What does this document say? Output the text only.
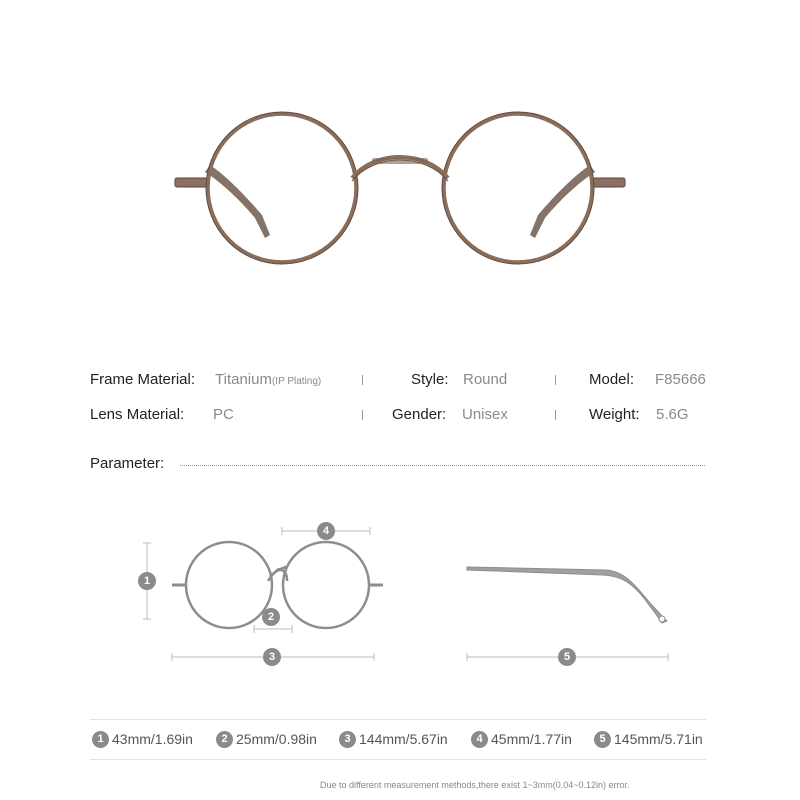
Frame Material: Titanium(IP Plating)	Style: Round	Model: F85666
Lens Material: PC	Gender: Unisex	Weight: 5.6G
Parameter:
1
2
3
4
5
1 43mm/1.69in	2 25mm/0.98in	3 144mm/5.67in	4 45mm/1.77in	5 145mm/5.71in
Due to different measurement methods,there exist 1~3mm(0.04~0.12in) error.
